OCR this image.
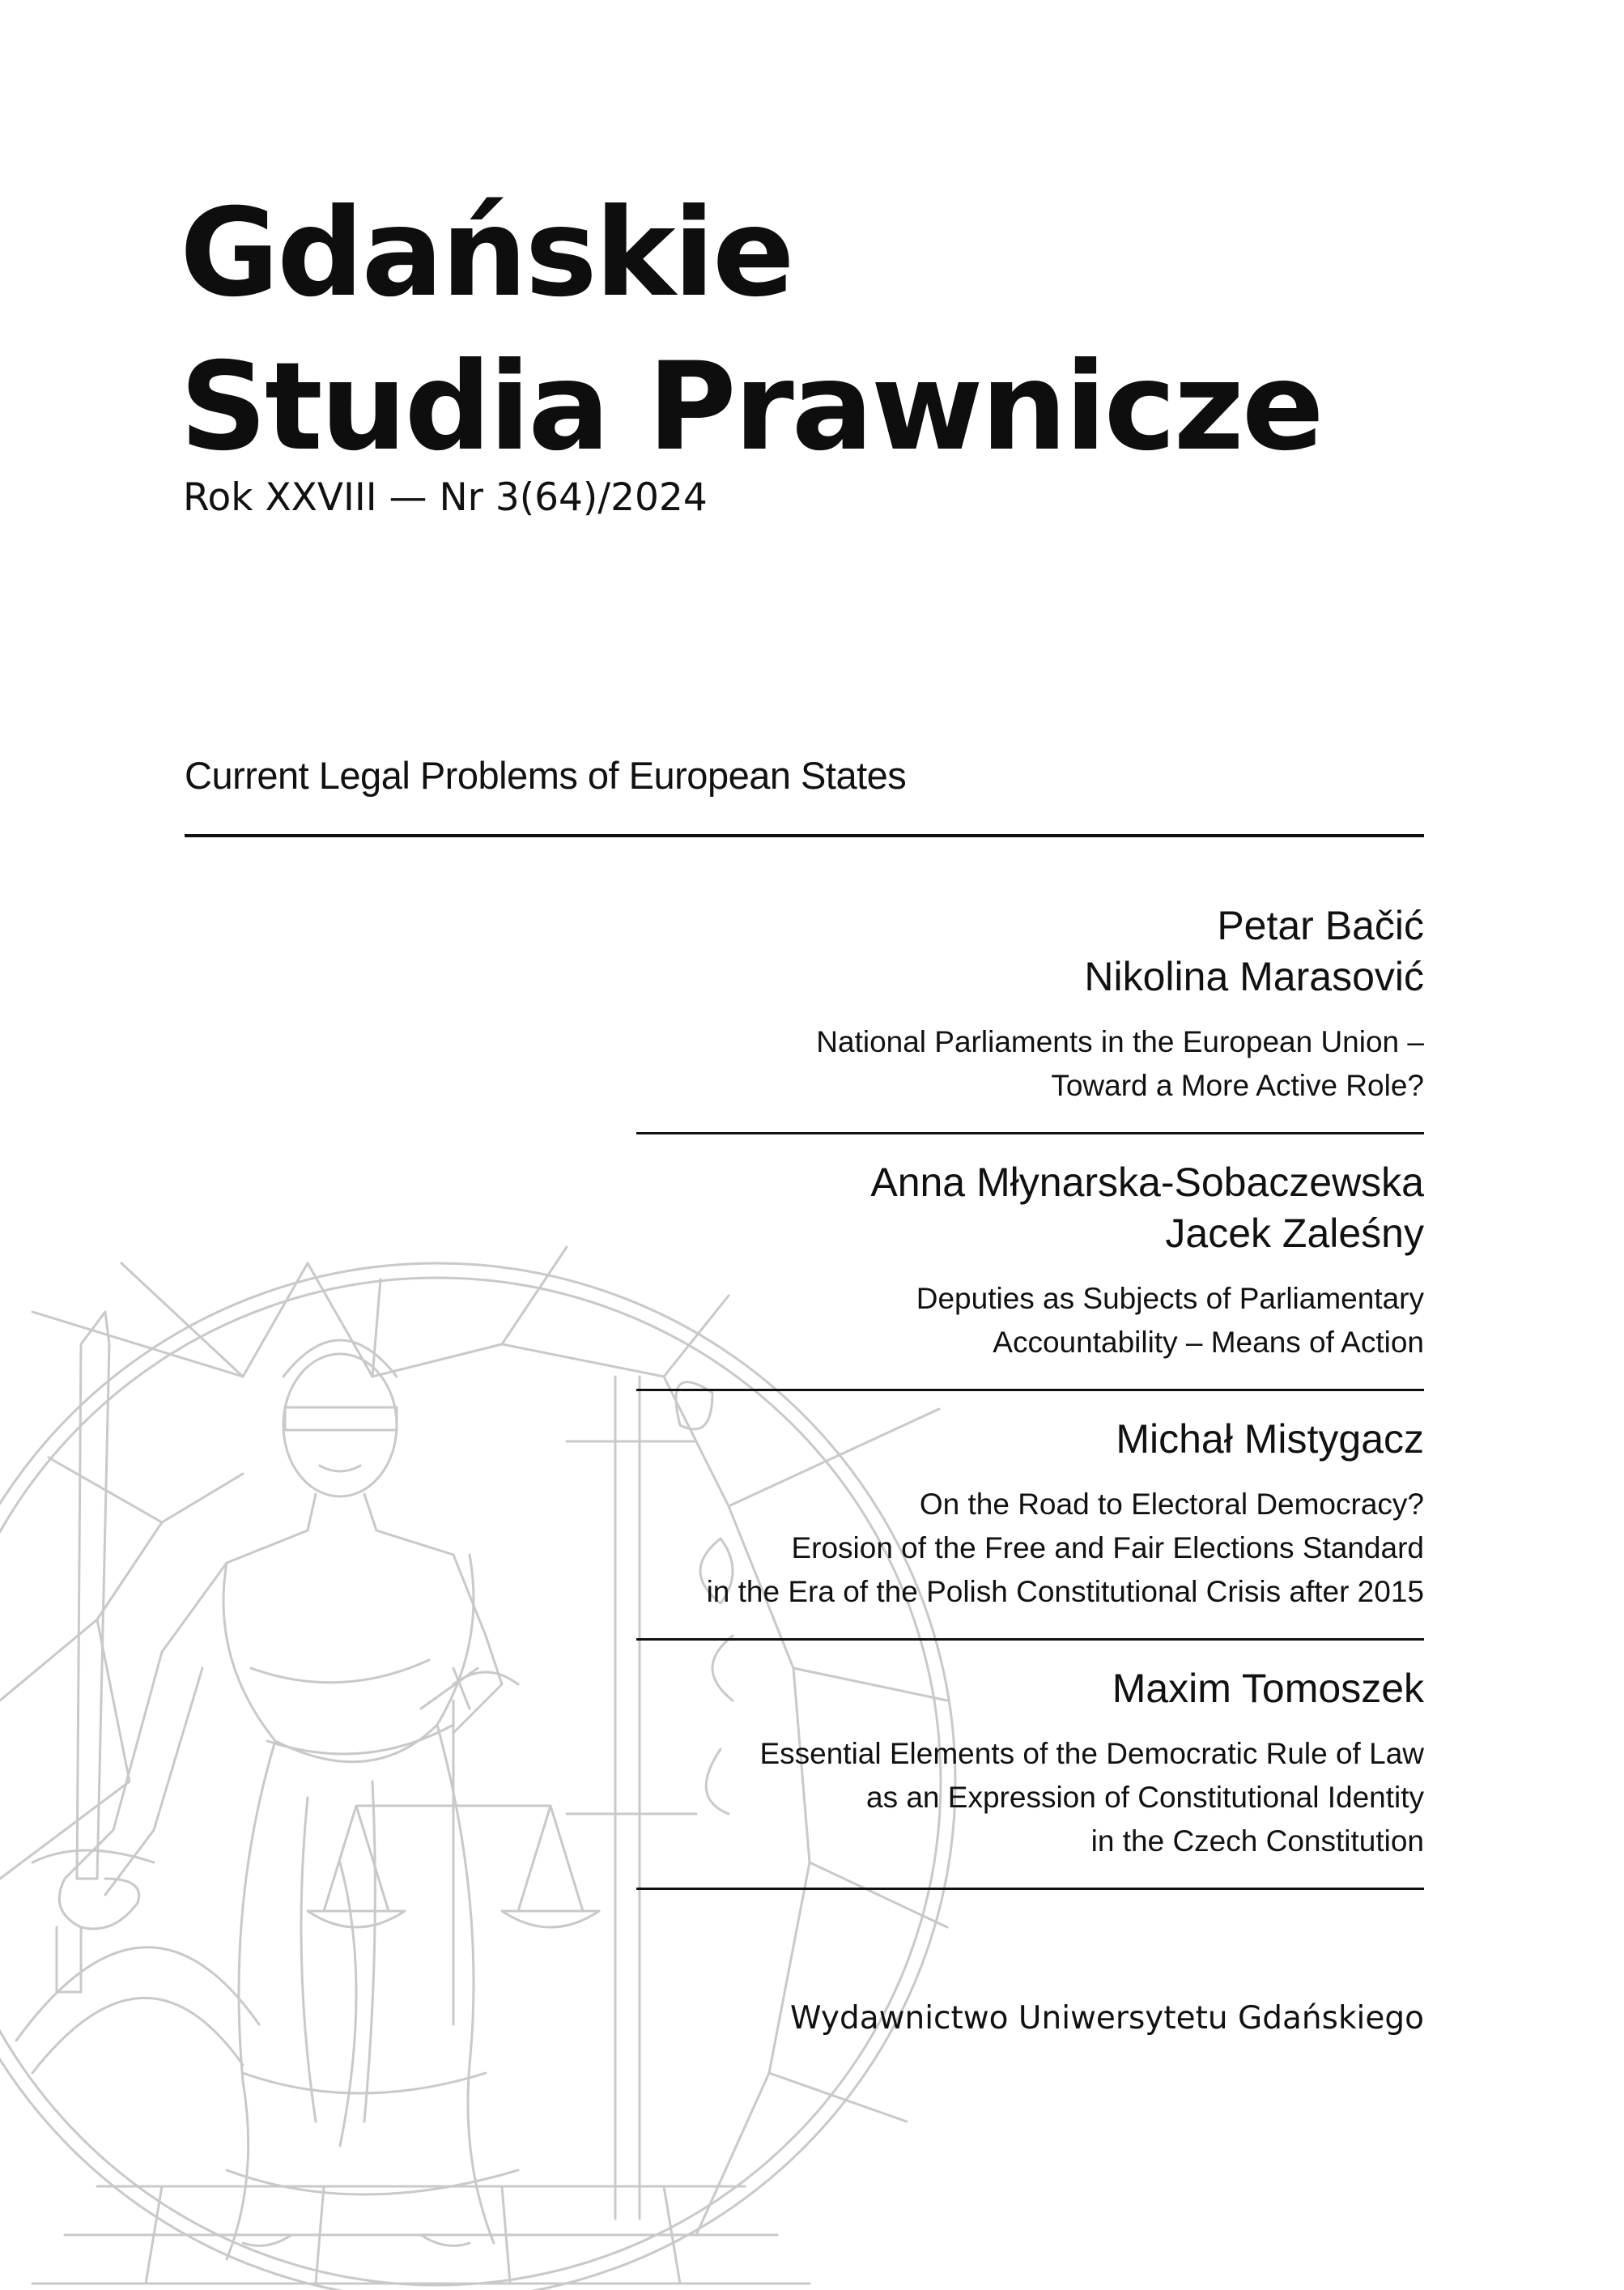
Gdańskie
Studia Prawnicze
Rok XXVIII — Nr 3(64)/2024
Current Legal Problems of European States
Petar Bačić
Nikolina Marasović
National Parliaments in the European Union –
Toward a More Active Role?
Anna Młynarska-Sobaczewska
Jacek Zaleśny
Deputies as Subjects of Parliamentary
Accountability – Means of Action
Michał Mistygacz
On the Road to Electoral Democracy?
Erosion of the Free and Fair Elections Standard
in the Era of the Polish Constitutional Crisis after 2015
Maxim Tomoszek
Essential Elements of the Democratic Rule of Law
as an Expression of Constitutional Identity
in the Czech Constitution
Wydawnictwo Uniwersytetu Gdańskiego
